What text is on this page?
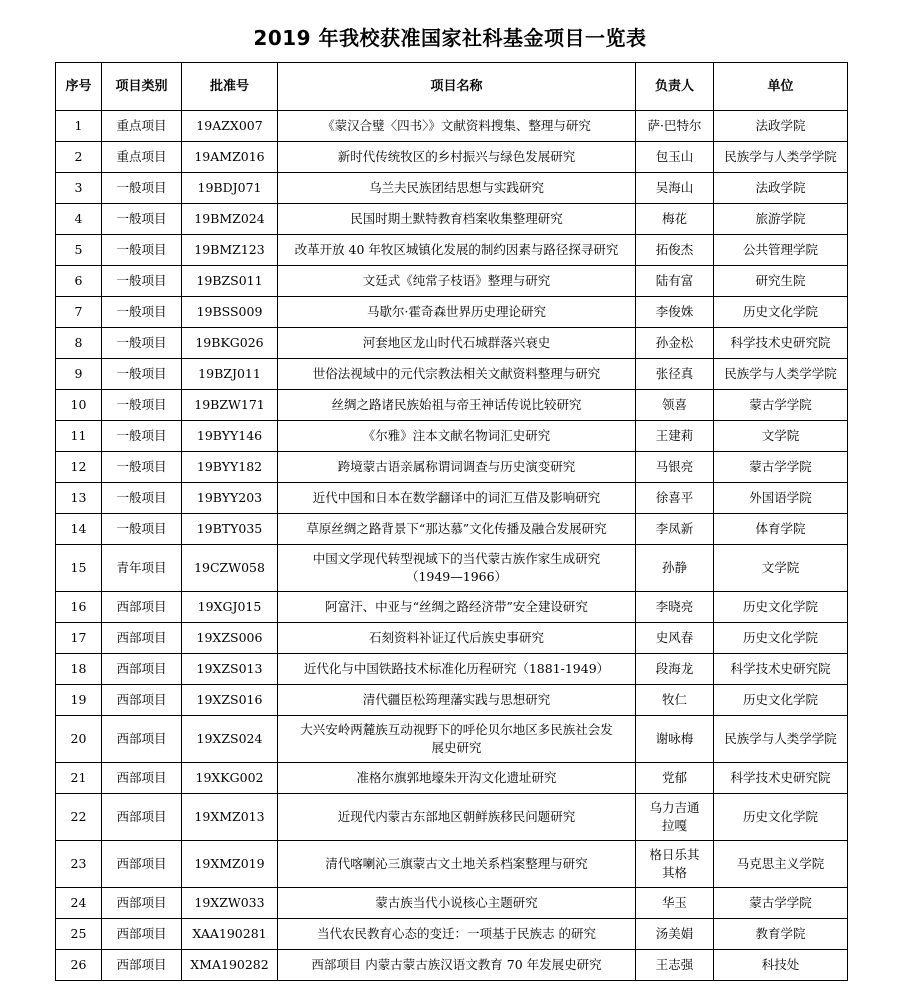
2019 年我校获准国家社科基金项目一览表
序号	项目类别	批准号	项目名称	负责人	单位
1	重点项目	19AZX007	《蒙汉合璧〈四书〉》文献资料搜集、整理与研究	萨·巴特尔	法政学院
2	重点项目	19AMZ016	新时代传统牧区的乡村振兴与绿色发展研究	包玉山	民族学与人类学学院
3	一般项目	19BDJ071	乌兰夫民族团结思想与实践研究	吴海山	法政学院
4	一般项目	19BMZ024	民国时期土默特教育档案收集整理研究	梅花	旅游学院
5	一般项目	19BMZ123	改革开放 40 年牧区城镇化发展的制约因素与路径探寻研究	拓俊杰	公共管理学院
6	一般项目	19BZS011	文廷式《纯常子枝语》整理与研究	陆有富	研究生院
7	一般项目	19BSS009	马歇尔·霍奇森世界历史理论研究	李俊姝	历史文化学院
8	一般项目	19BKG026	河套地区龙山时代石城群落兴衰史	孙金松	科学技术史研究院
9	一般项目	19BZJ011	世俗法视域中的元代宗教法相关文献资料整理与研究	张径真	民族学与人类学学院
10	一般项目	19BZW171	丝绸之路诸民族始祖与帝王神话传说比较研究	领喜	蒙古学学院
11	一般项目	19BYY146	《尔雅》注本文献名物词汇史研究	王建莉	文学院
12	一般项目	19BYY182	跨境蒙古语亲属称谓词调查与历史演变研究	马银亮	蒙古学学院
13	一般项目	19BYY203	近代中国和日本在数学翻译中的词汇互借及影响研究	徐喜平	外国语学院
14	一般项目	19BTY035	草原丝绸之路背景下“那达慕”文化传播及融合发展研究	李凤新	体育学院
15	青年项目	19CZW058	中国文学现代转型视域下的当代蒙古族作家生成研究
（1949—1966）	孙静	文学院
16	西部项目	19XGJ015	阿富汗、中亚与“丝绸之路经济带”安全建设研究	李晓亮	历史文化学院
17	西部项目	19XZS006	石刻资料补证辽代后族史事研究	史风春	历史文化学院
18	西部项目	19XZS013	近代化与中国铁路技术标准化历程研究（1881-1949）	段海龙	科学技术史研究院
19	西部项目	19XZS016	清代疆臣松筠理藩实践与思想研究	牧仁	历史文化学院
20	西部项目	19XZS024	大兴安岭两麓族互动视野下的呼伦贝尔地区多民族社会发
展史研究	谢咏梅	民族学与人类学学院
21	西部项目	19XKG002	准格尔旗郭地壕朱开沟文化遗址研究	党郁	科学技术史研究院
22	西部项目	19XMZ013	近现代内蒙古东部地区朝鲜族移民问题研究	乌力吉通
拉嘎	历史文化学院
23	西部项目	19XMZ019	清代喀喇沁三旗蒙古文土地关系档案整理与研究	格日乐其
其格	马克思主义学院
24	西部项目	19XZW033	蒙古族当代小说核心主题研究	华玉	蒙古学学院
25	西部项目	XAA190281	当代农民教育心态的变迁：一项基于民族志 的研究	汤美娟	教育学院
26	西部项目	XMA190282	西部项目 内蒙古蒙古族汉语文教育 70 年发展史研究	王志强	科技处
